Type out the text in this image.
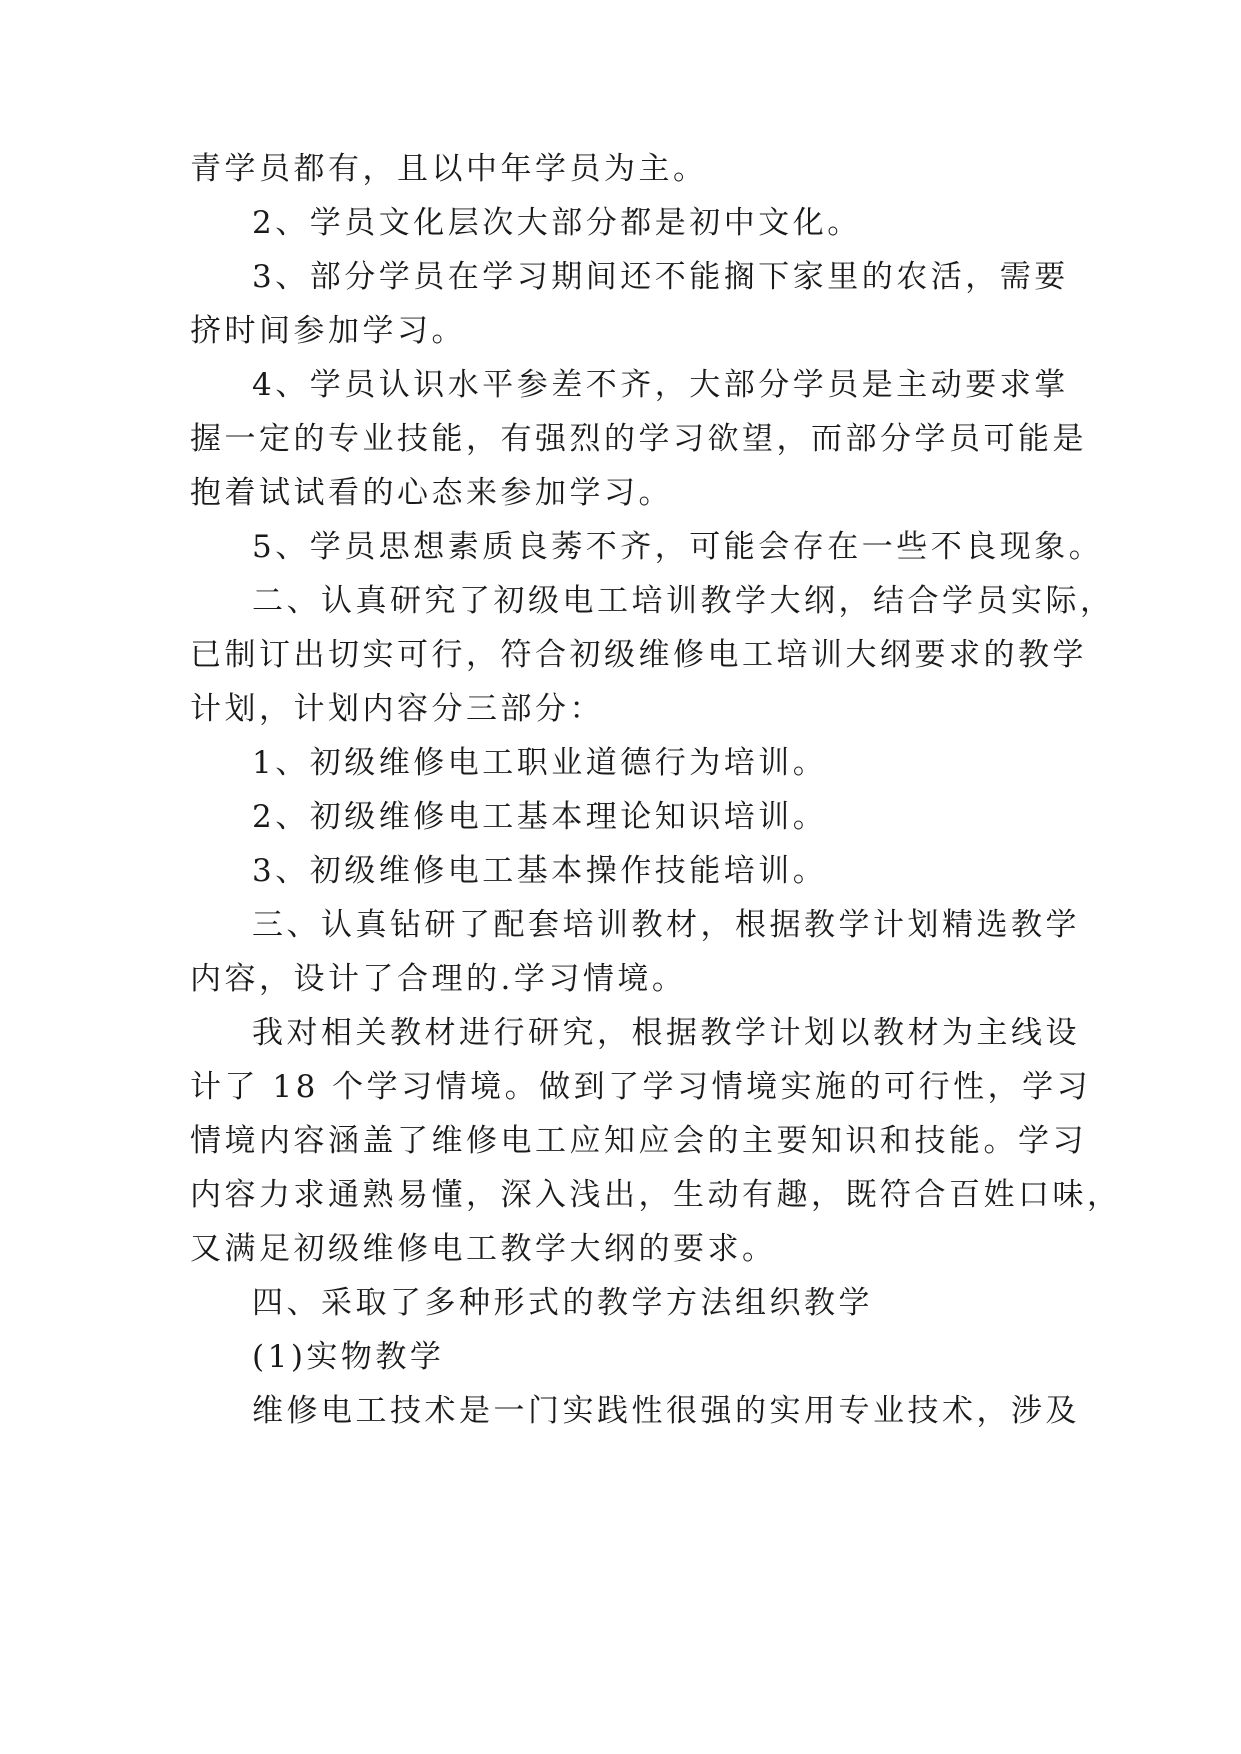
青学员都有，且以中年学员为主。
2、学员文化层次大部分都是初中文化。
3、部分学员在学习期间还不能搁下家里的农活，需要
挤时间参加学习。
4、学员认识水平参差不齐，大部分学员是主动要求掌
握一定的专业技能，有强烈的学习欲望，而部分学员可能是
抱着试试看的心态来参加学习。
5、学员思想素质良莠不齐，可能会存在一些不良现象。
二、认真研究了初级电工培训教学大纲，结合学员实际，
已制订出切实可行，符合初级维修电工培训大纲要求的教学
计划，计划内容分三部分：
1、初级维修电工职业道德行为培训。
2、初级维修电工基本理论知识培训。
3、初级维修电工基本操作技能培训。
三、认真钻研了配套培训教材，根据教学计划精选教学
内容，设计了合理的.学习情境。
我对相关教材进行研究，根据教学计划以教材为主线设
计了 18 个学习情境。做到了学习情境实施的可行性，学习
情境内容涵盖了维修电工应知应会的主要知识和技能。学习
内容力求通熟易懂，深入浅出，生动有趣，既符合百姓口味，
又满足初级维修电工教学大纲的要求。
四、采取了多种形式的教学方法组织教学
(1)实物教学
维修电工技术是一门实践性很强的实用专业技术，涉及
